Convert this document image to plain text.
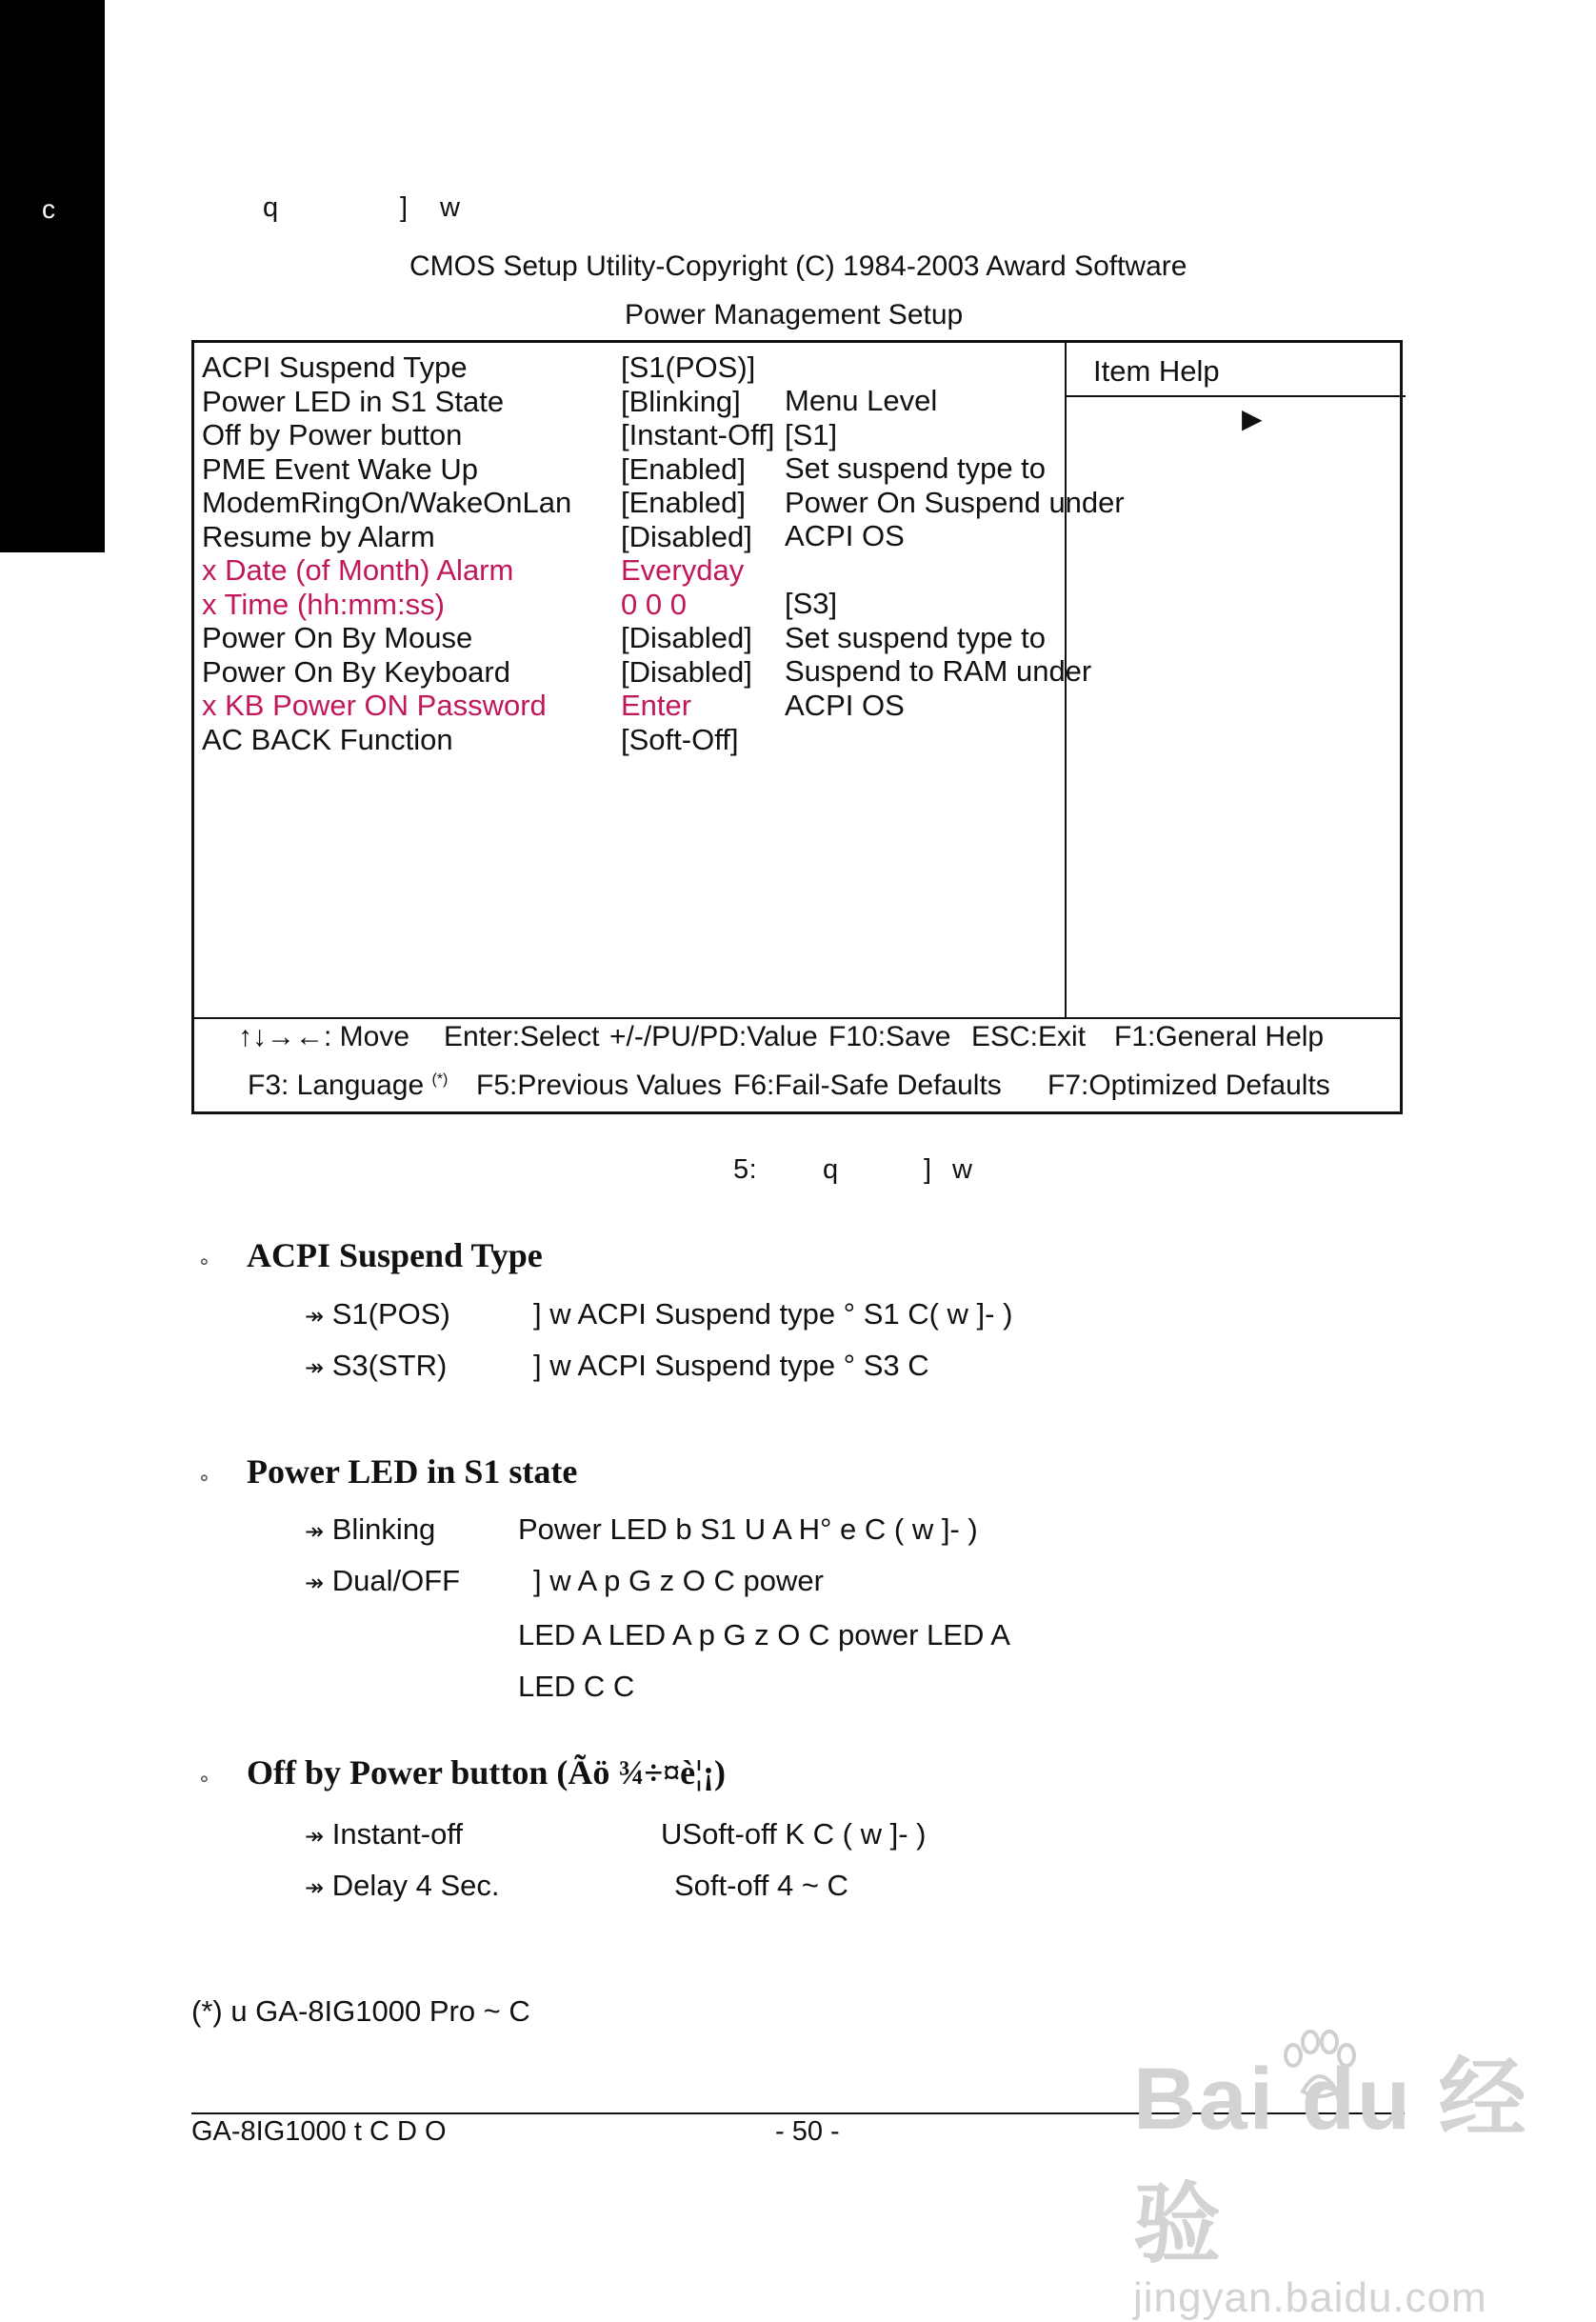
c	q	] w
CMOS Setup Utility-Copyright (C) 1984-2003 Award Software
Power Management Setup
ACPI Suspend Type	[S1(POS)]
Power LED in S1 State	[Blinking]
Off by Power button	[Instant-Off]
PME Event Wake Up	[Enabled]
ModemRingOn/WakeOnLan [Enabled]
Resume by Alarm	[Disabled]
x Date (of Month) Alarm	Everyday
x Time (hh:mm:ss)	0 0 0
Power On By Mouse	[Disabled]
Power On By Keyboard	[Disabled]
x KB Power ON Password	Enter
AC BACK Function	[Soft-Off]
Item Help
Menu Level
[S1]
Set suspend type to
Power On Suspend under
ACPI OS
[S3]
Set suspend type to
Suspend to RAM under
ACPI OS
▶
↑↓→←: Move Enter:Select +/-/PU/PD:Value F10:Save ESC:Exit F1:General Help
F3: Language (*) F5:Previous Values F6:Fail-Safe Defaults F7:Optimized Defaults
5: q	] w
⚬ ACPI Suspend Type
↠ S1(POS)	] w ACPI Suspend type ° S1 C( w ]- )
↠ S3(STR)	] w ACPI Suspend type ° S3 C
⚬ Power LED in S1 state
↠ Blinking	Power LED b S1 U A H° e C ( w ]- )
↠ Dual/OFF ] w A p G z O C power
LED A LED A p G z O C power LED A
LED C C
⚬ Off by Power button (Ãö ¾÷¤è¦¡)
↠ Instant-off	USoft-off K C ( w ]- )
↠ Delay 4 Sec.	Soft-off 4 ~ C
(*) u GA-8IG1000 Pro ~ C
GA-8IG1000 t C D O	- 50 -	Bai du 经验
jingyan.baidu.com
